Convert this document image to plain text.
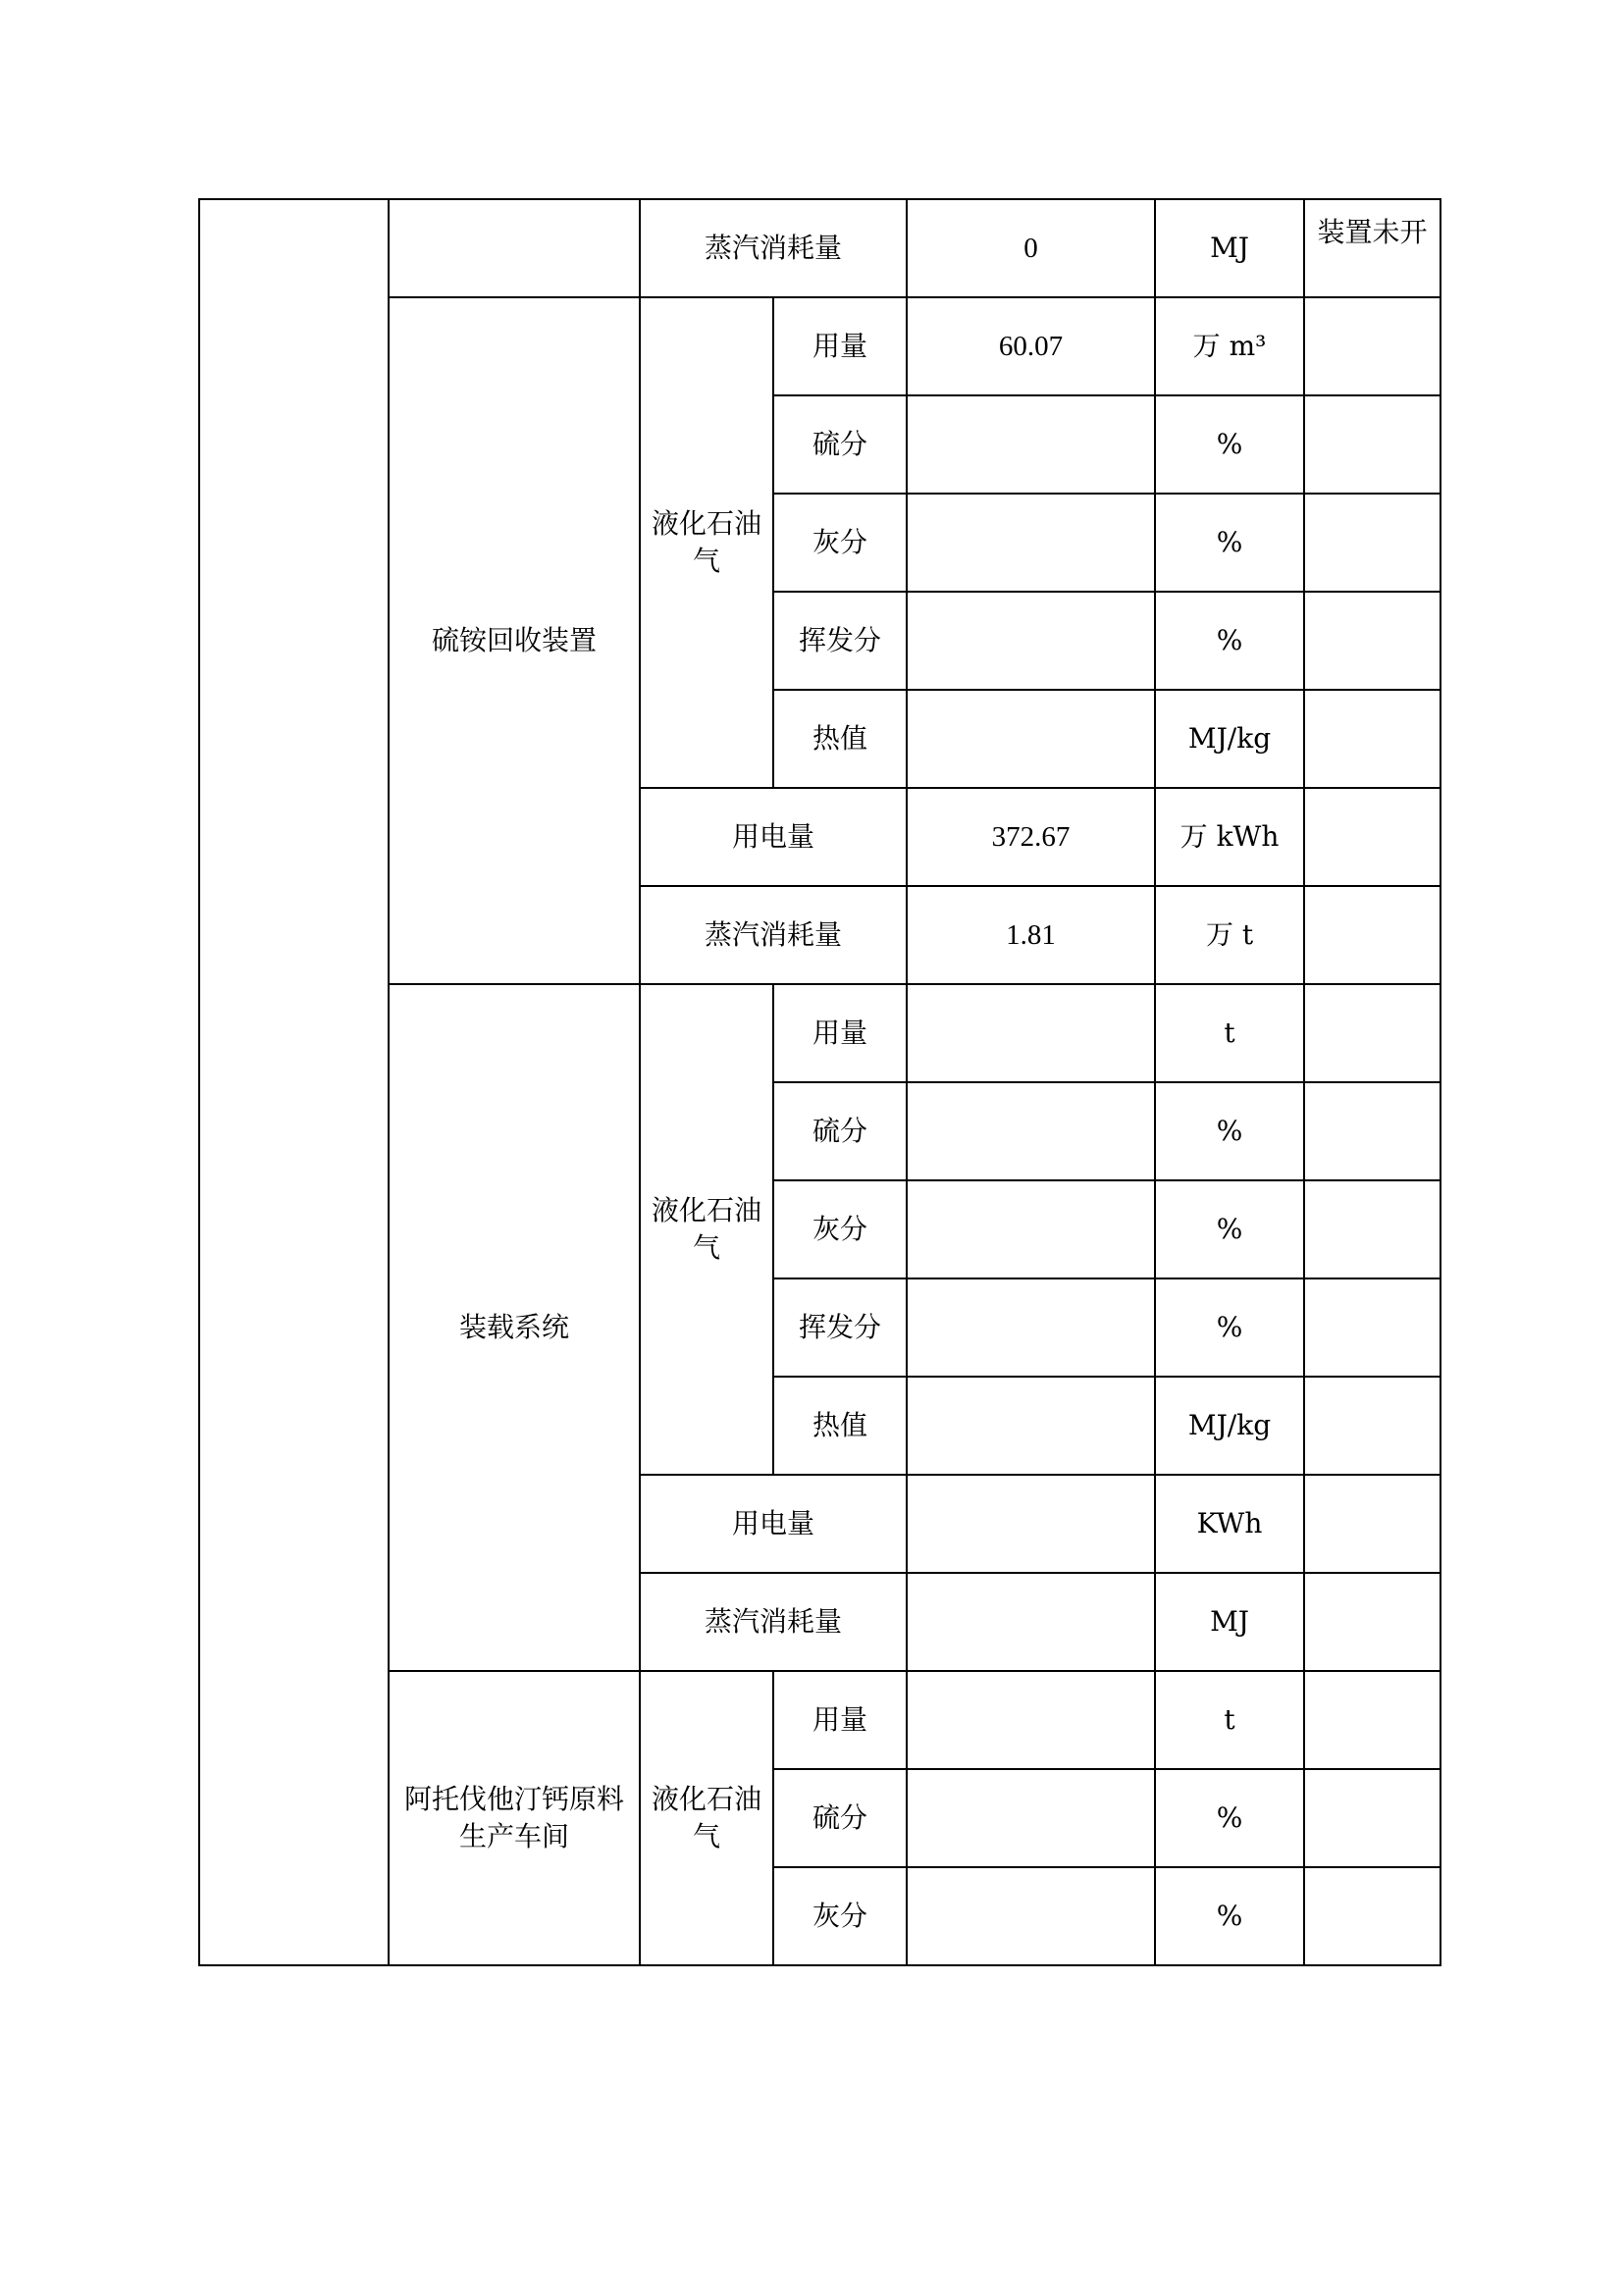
		蒸汽消耗量		0	MJ	装置未开
	硫铵回收装置	液化石油气	用量	60.07	万 m³	
			硫分		%	
			灰分		%	
			挥发分		%	
			热值		MJ/kg	
		用电量		372.67	万 kWh	
		蒸汽消耗量		1.81	万 t	
	装载系统	液化石油气	用量		t	
			硫分		%	
			灰分		%	
			挥发分		%	
			热值		MJ/kg	
		用电量			KWh	
		蒸汽消耗量			MJ	
	阿托伐他汀钙原料生产车间	液化石油气	用量		t	
			硫分		%	
			灰分		%	
